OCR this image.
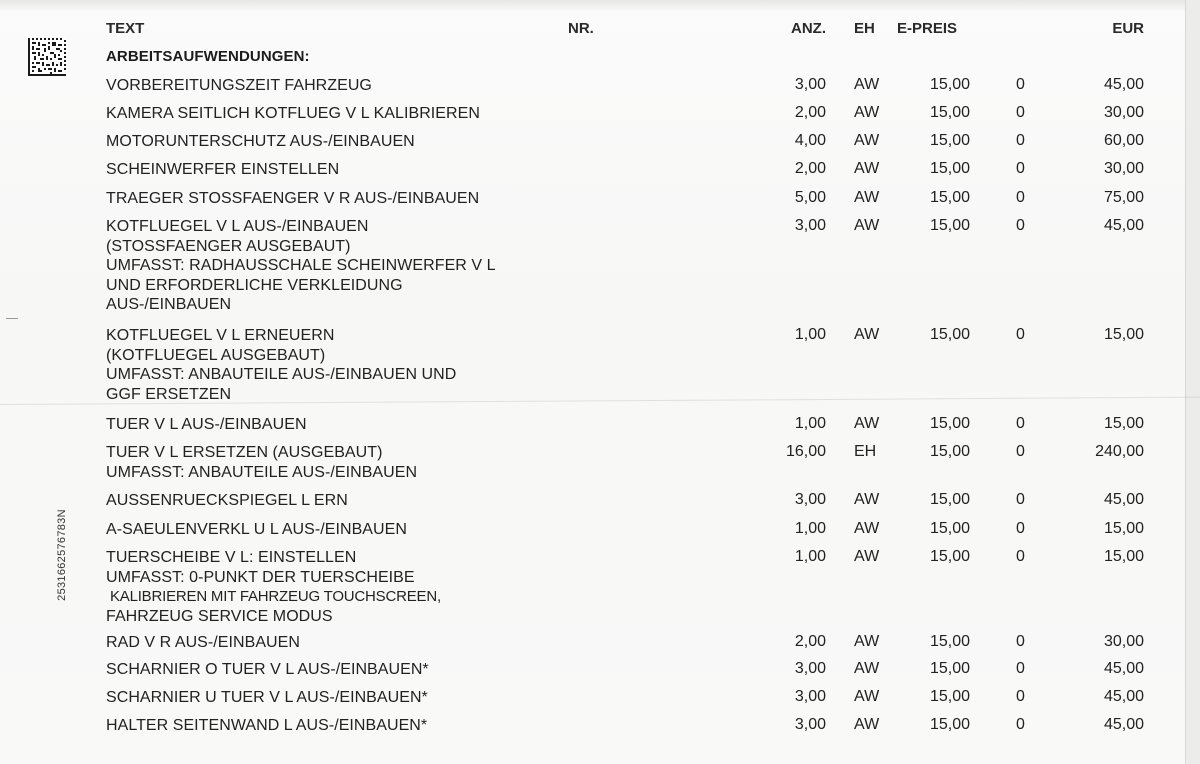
2531662576783N
TEXT	NR.	ANZ. EH E-PREIS	EUR
ARBEITSAUFWENDUNGEN:
VORBEREITUNGSZEIT FAHRZEUG	3,00 AW	15,00	0	45,00
KAMERA SEITLICH KOTFLUEG V L KALIBRIEREN	2,00 AW	15,00	0	30,00
MOTORUNTERSCHUTZ AUS-/EINBAUEN	4,00 AW	15,00	0	60,00
SCHEINWERFER EINSTELLEN	2,00 AW	15,00	0	30,00
TRAEGER STOSSFAENGER V R AUS-/EINBAUEN	5,00 AW	15,00	0	75,00
KOTFLUEGEL V L AUS-/EINBAUEN
(STOSSFAENGER AUSGEBAUT)
UMFASST: RADHAUSSCHALE SCHEINWERFER V L
UND ERFORDERLICHE VERKLEIDUNG
AUS-/EINBAUEN
3,00 AW	15,00	0	45,00
KOTFLUEGEL V L ERNEUERN
(KOTFLUEGEL AUSGEBAUT)
UMFASST: ANBAUTEILE AUS-/EINBAUEN UND
GGF ERSETZEN
1,00 AW	15,00	0	15,00
TUER V L AUS-/EINBAUEN	1,00 AW	15,00	0	15,00
TUER V L ERSETZEN (AUSGEBAUT)
UMFASST: ANBAUTEILE AUS-/EINBAUEN
16,00 EH	15,00	0	240,00
AUSSENRUECKSPIEGEL L ERN	3,00 AW	15,00	0	45,00
A-SAEULENVERKL U L AUS-/EINBAUEN	1,00 AW	15,00	0	15,00
TUERSCHEIBE V L: EINSTELLEN
UMFASST: 0-PUNKT DER TUERSCHEIBE
KALIBRIEREN MIT FAHRZEUG TOUCHSCREEN,
FAHRZEUG SERVICE MODUS
1,00 AW	15,00	0	15,00
RAD V R AUS-/EINBAUEN	2,00 AW	15,00	0	30,00
SCHARNIER O TUER V L AUS-/EINBAUEN*	3,00 AW	15,00	0	45,00
SCHARNIER U TUER V L AUS-/EINBAUEN*	3,00 AW	15,00	0	45,00
HALTER SEITENWAND L AUS-/EINBAUEN*	3,00 AW	15,00	0	45,00
